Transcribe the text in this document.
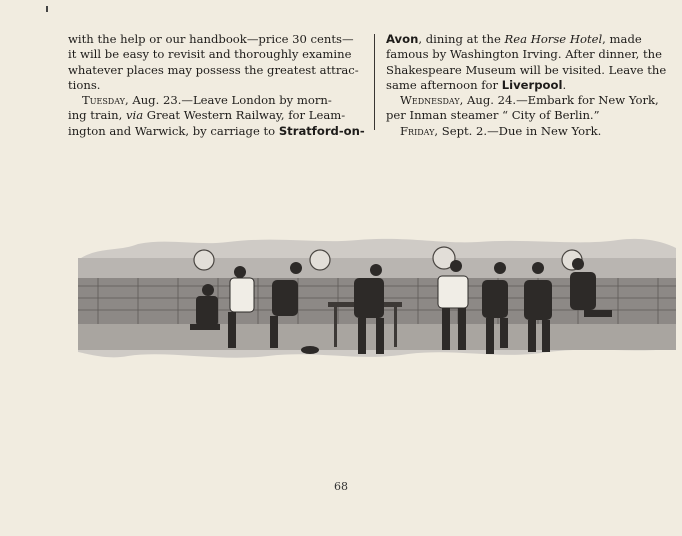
with the help or our handbook—price 30 cents—
it will be easy to revisit and thoroughly examine
whatever places may possess the greatest attrac-
tions.

Tuesday, Aug. 23.—Leave London by morn-
ing train, via Great Western Railway, for Leam-
ington and Warwick, by carriage to Stratford-on-

Avon, dining at the Rea Horse Hotel, made
famous by Washington Irving. After dinner, the
Shakespeare Museum will be visited. Leave the
same afternoon for Liverpool.

Wednesday, Aug. 24.—Embark for New York,
per Inman steamer “ City of Berlin.”

Friday, Sept. 2.—Due in New York.

68
